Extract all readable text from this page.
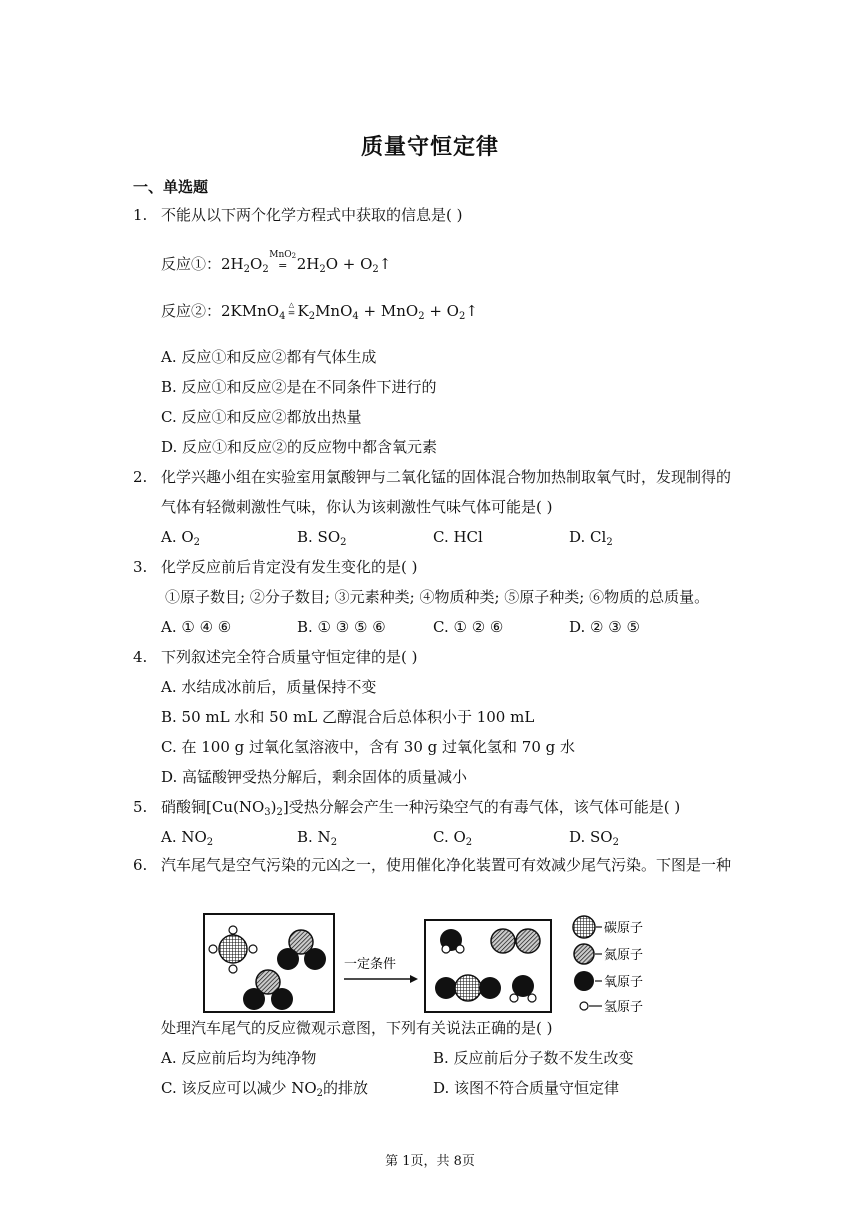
质量守恒定律
一、单选题
1. 不能从以下两个化学方程式中获取的信息是( )
反应①：$2H_2O_2$
MnO$_2$
= $2H_2O$ + $O_2↑$
反应②：2KMnO$_4$
△
= $K_2MnO_4 + MnO_2$ + $O_2↑$
A. 反应①和反应②都有气体生成
B. 反应①和反应②是在不同条件下进行的
C. 反应①和反应②都放出热量
D. 反应①和反应②的反应物中都含氧元素
2. 化学兴趣小组在实验室用氯酸钾与二氧化锰的固体混合物加热制取氧气时，发现制得的
气体有轻微刺激性气味，你认为该刺激性气味气体可能是( )
A. $O_2$	B. $SO_2$	C. HCl	D. $Cl_2$
3. 化学反应前后肯定没有发生变化的是( )
①原子数目; ②分子数目; ③元素种类; ④物质种类; ⑤原子种类; ⑥物质的总质量。
A. ① ④ ⑥	B. ① ③ ⑤ ⑥	C. ① ② ⑥	D. ② ③ ⑤
4. 下列叙述完全符合质量守恒定律的是( )
A. 水结成冰前后，质量保持不变
B. 50 mL 水和 50 mL 乙醇混合后总体积小于 100 mL
C. 在 100 g 过氧化氢溶液中，含有 30 g 过氧化氢和 70 g 水
D. 高锰酸钾受热分解后，剩余固体的质量减小
5. 硝酸铜$[Cu(NO_3)_2]$受热分解会产生一种污染空气的有毒气体，该气体可能是( )
A. $NO_2$	B. $N_2$	C. $O_2$	D. $SO_2$
6. 汽车尾气是空气污染的元凶之一，使用催化净化装置可有效减少尾气污染。下图是一种
一定条件
碳原子
氮原子
氧原子
氢原子
处理汽车尾气的反应微观示意图，下列有关说法正确的是( )
A. 反应前后均为纯净物	B. 反应前后分子数不发生改变
C. 该反应可以减少 $NO_2$的排放	D. 该图不符合质量守恒定律
第 1页，共 8页
